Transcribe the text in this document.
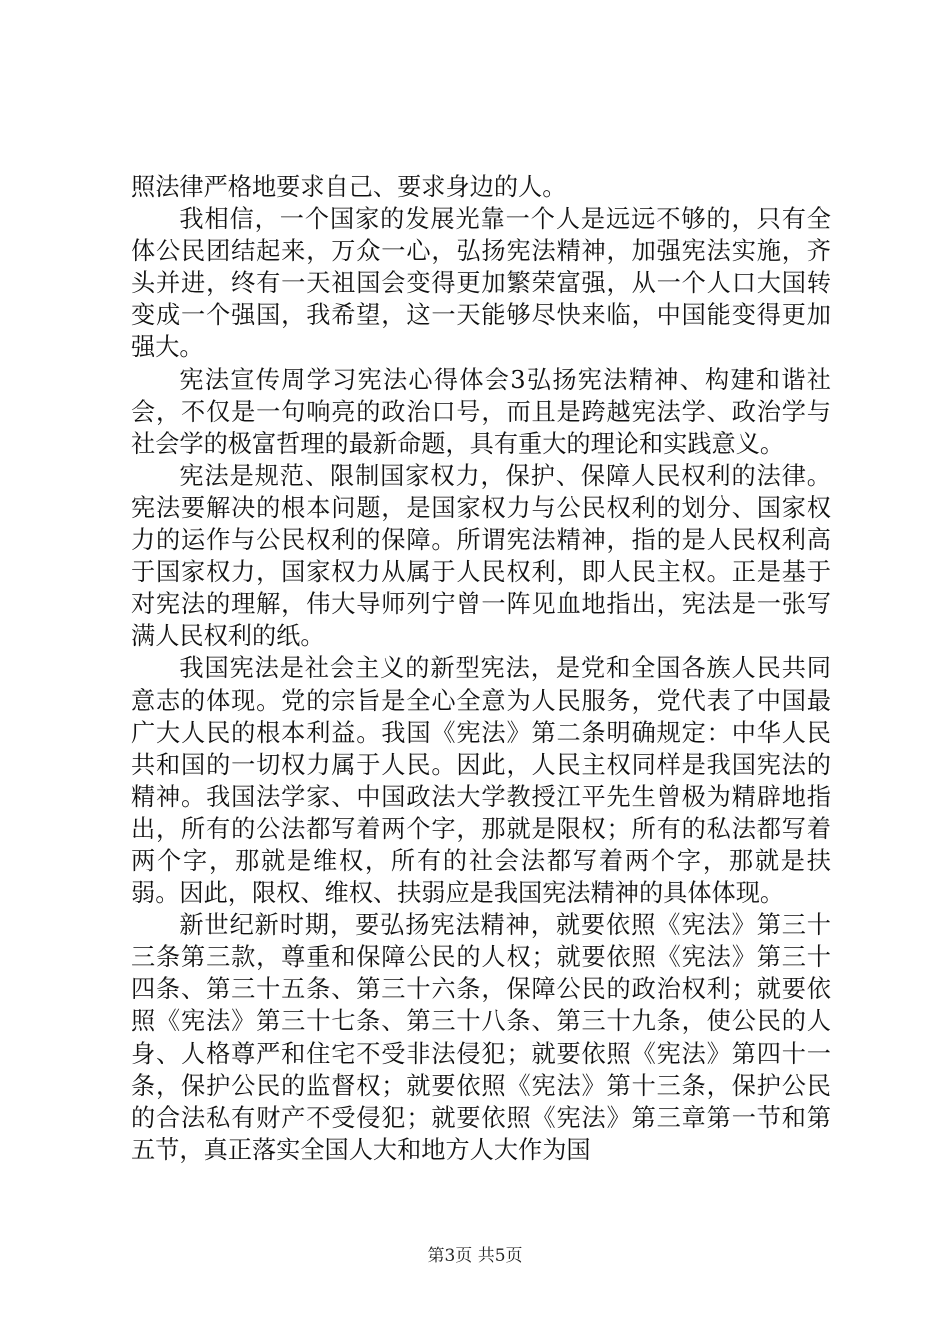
照法律严格地要求自己、要求身边的人。

我相信，一个国家的发展光靠一个人是远远不够的，只有全体公民团结起来，万众一心，弘扬宪法精神，加强宪法实施，齐头并进，终有一天祖国会变得更加繁荣富强，从一个人口大国转变成一个强国，我希望，这一天能够尽快来临，中国能变得更加强大。

宪法宣传周学习宪法心得体会3弘扬宪法精神、构建和谐社会，不仅是一句响亮的政治口号，而且是跨越宪法学、政治学与社会学的极富哲理的最新命题，具有重大的理论和实践意义。

宪法是规范、限制国家权力，保护、保障人民权利的法律。宪法要解决的根本问题，是国家权力与公民权利的划分、国家权力的运作与公民权利的保障。所谓宪法精神，指的是人民权利高于国家权力，国家权力从属于人民权利，即人民主权。正是基于对宪法的理解，伟大导师列宁曾一阵见血地指出，宪法是一张写满人民权利的纸。

我国宪法是社会主义的新型宪法，是党和全国各族人民共同意志的体现。党的宗旨是全心全意为人民服务，党代表了中国最广大人民的根本利益。我国《宪法》第二条明确规定：中华人民共和国的一切权力属于人民。因此，人民主权同样是我国宪法的精神。我国法学家、中国政法大学教授江平先生曾极为精辟地指出，所有的公法都写着两个字，那就是限权；所有的私法都写着两个字，那就是维权，所有的社会法都写着两个字，那就是扶弱。因此，限权、维权、扶弱应是我国宪法精神的具体体现。

新世纪新时期，要弘扬宪法精神，就要依照《宪法》第三十三条第三款，尊重和保障公民的人权；就要依照《宪法》第三十四条、第三十五条、第三十六条，保障公民的政治权利；就要依照《宪法》第三十七条、第三十八条、第三十九条，使公民的人身、人格尊严和住宅不受非法侵犯；就要依照《宪法》第四十一条，保护公民的监督权；就要依照《宪法》第十三条，保护公民的合法私有财产不受侵犯；就要依照《宪法》第三章第一节和第五节，真正落实全国人大和地方人大作为国

第3页 共5页
